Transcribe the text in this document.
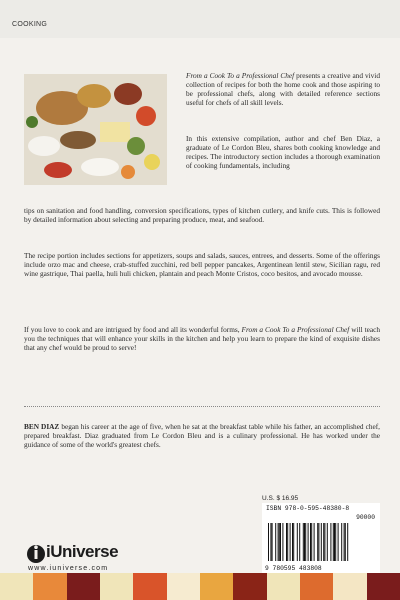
COOKING

From a Cook To a Professional Chef presents a creative and vivid collection of recipes for both the home cook and those aspiring to be professional chefs, along with detailed reference sections useful for chefs of all skill levels.

In this extensive compilation, author and chef Ben Diaz, a graduate of Le Cordon Bleu, shares both cooking knowledge and recipes. The introductory section includes a thorough examination of cooking fundamentals, including

tips on sanitation and food handling, conversion specifications, types of kitchen cutlery, and knife cuts. This is followed by detailed information about selecting and preparing produce, meat, and seafood.

The recipe portion includes sections for appetizers, soups and salads, sauces, entrees, and desserts. Some of the offerings include orzo mac and cheese, crab-stuffed zucchini, red bell pepper pancakes, Argentinean lentil stew, Sicilian ragu, red wine gastrique, Thai paella, huli huli chicken, plantain and peach Monte Cristos, coco besitos, and avocado mousse.

If you love to cook and are intrigued by food and all its wonderful forms, From a Cook To a Professional Chef will teach you the techniques that will enhance your skills in the kitchen and help you learn to prepare the kind of exquisite dishes that any chef would be proud to serve!

BEN DIAZ began his career at the age of five, when he sat at the breakfast table while his father, an accomplished chef, prepared breakfast. Diaz graduated from Le Cordon Bleu and is a culinary professional. He has worked under the guidance of some of the world's greatest chefs.

U.S. $ 16.95
ISBN 978-0-595-48380-8
90000
9 780595 483808
iUniverse
www.iuniverse.com
